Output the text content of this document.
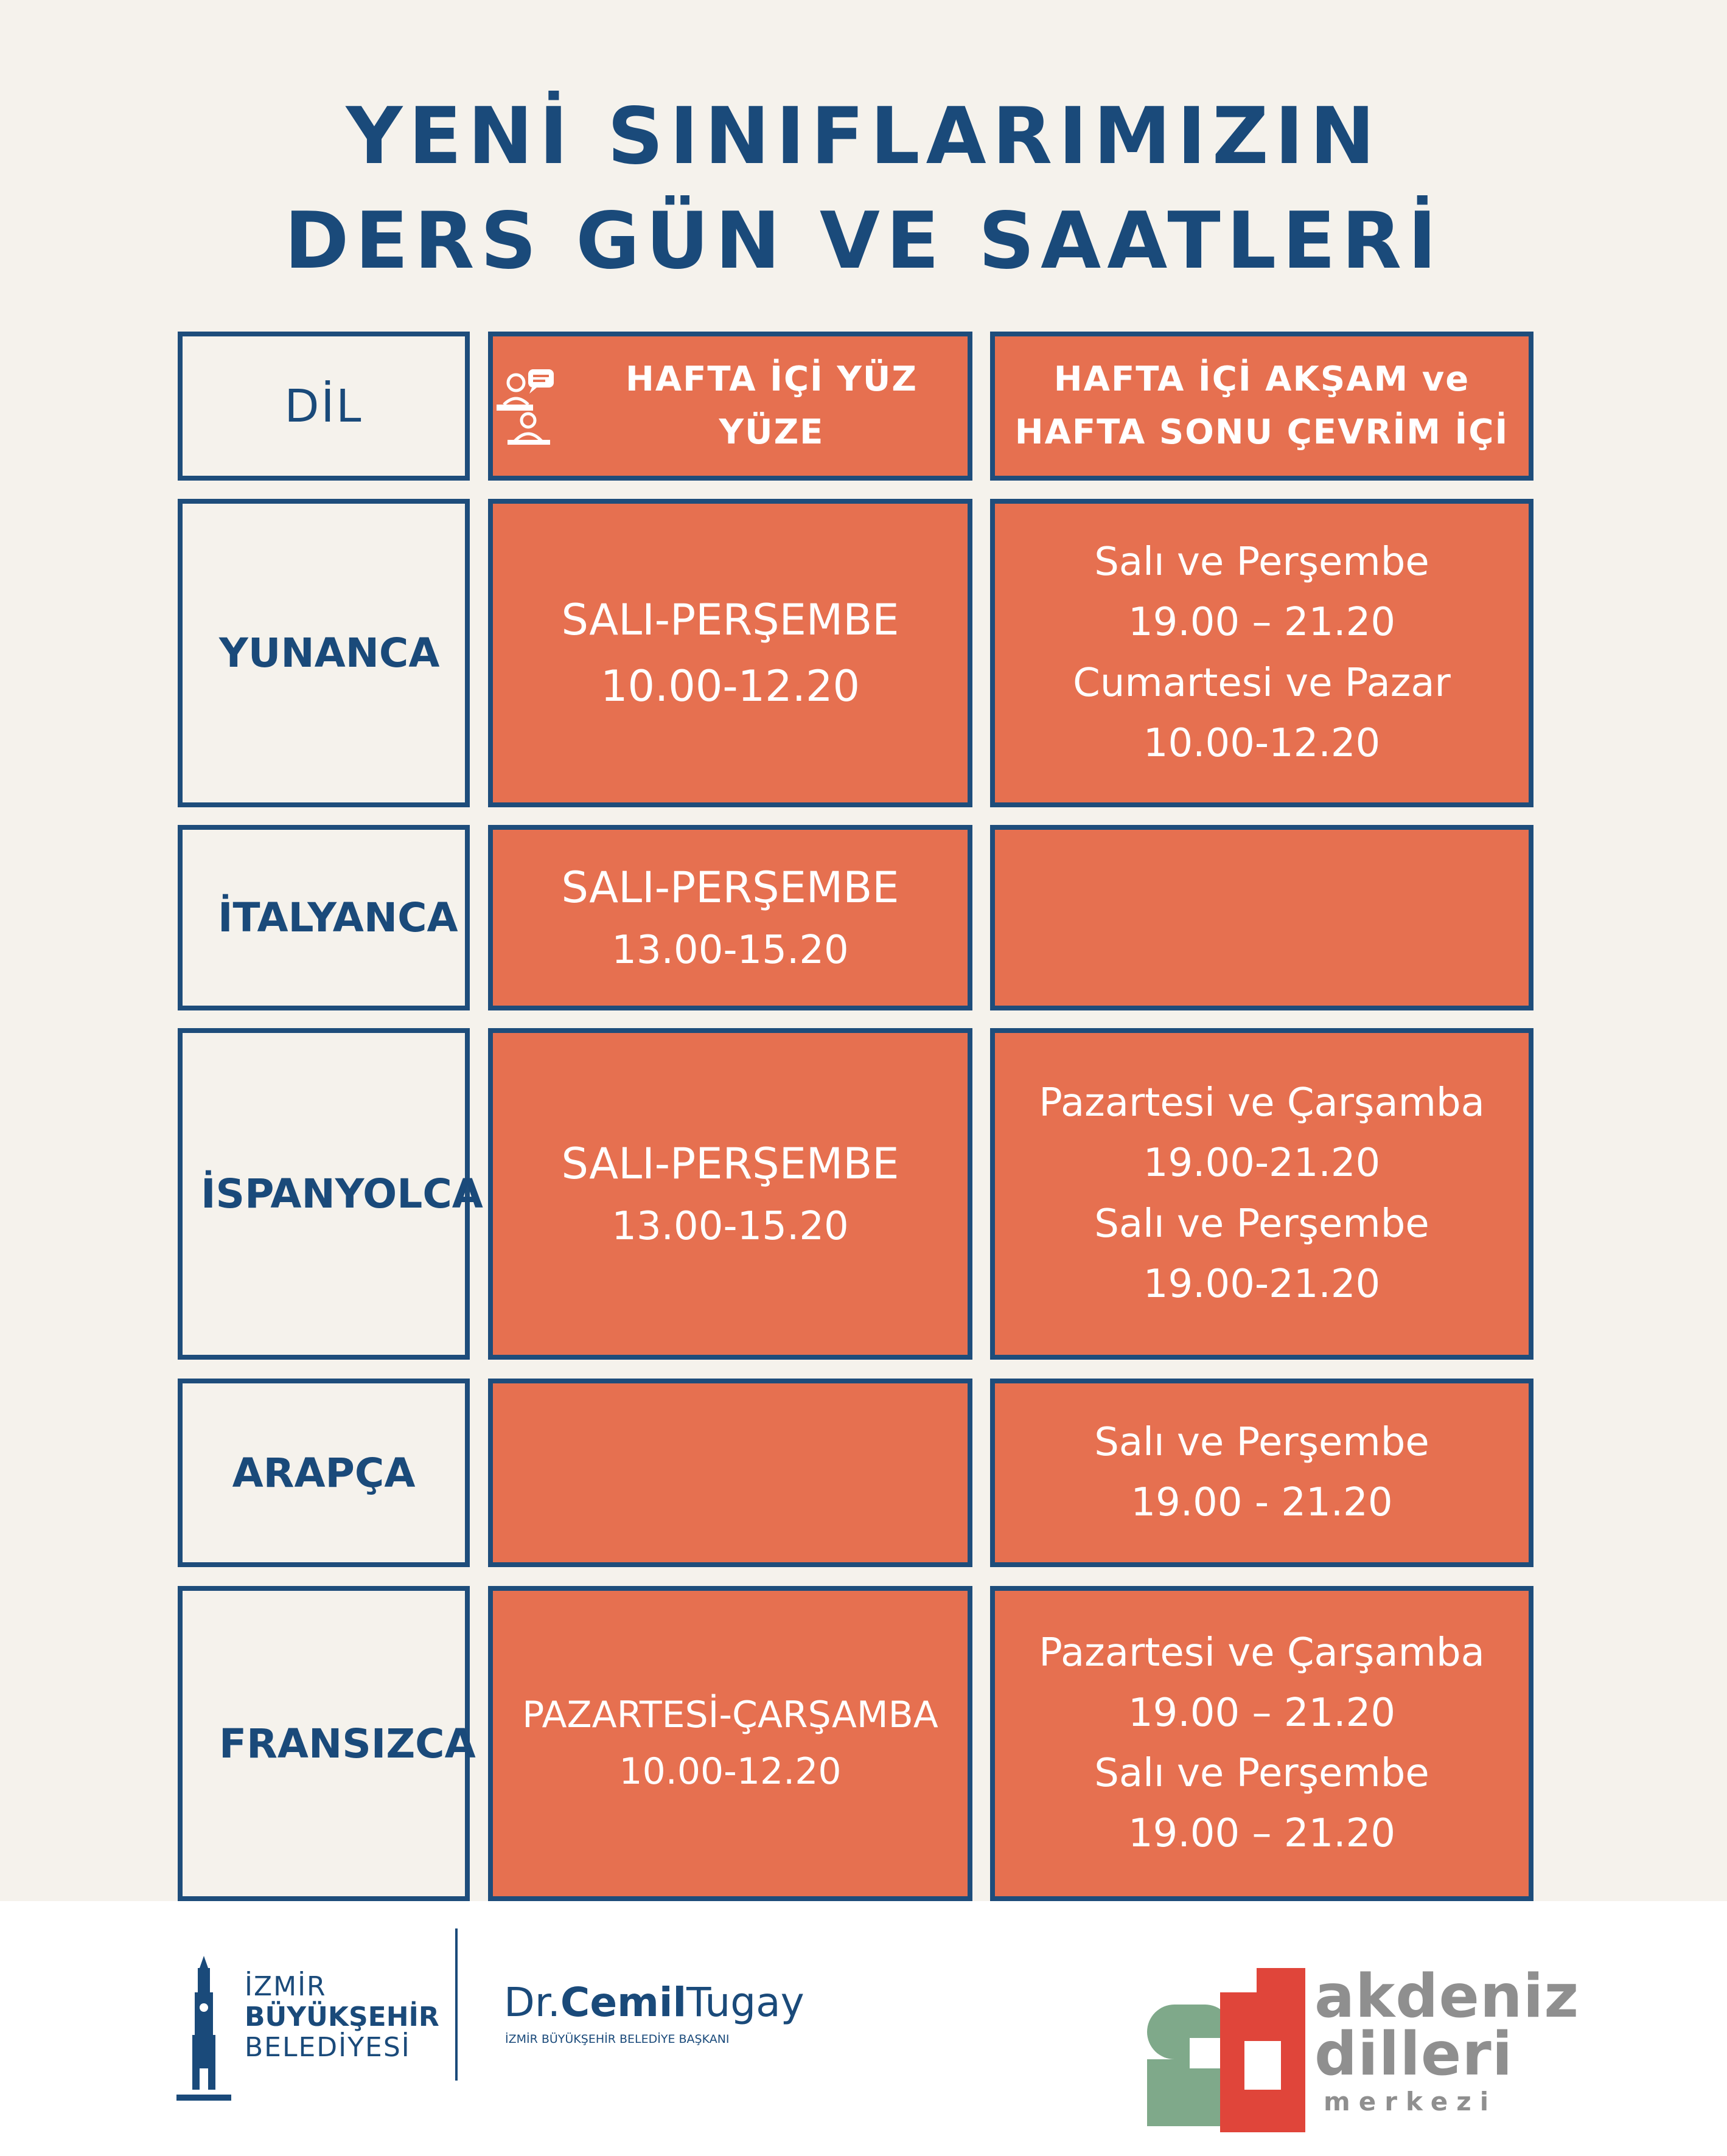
YENİ SINIFLARIMIZIN
DERS GÜN VE SAATLERİ
DİL
HAFTA İÇİ YÜZ YÜZE
HAFTA İÇİ AKŞAM ve
HAFTA SONU ÇEVRİM İÇİ
YUNANCA
SALI-PERŞEMBE
10.00-12.20
Salı ve Perşembe
19.00 – 21.20
Cumartesi ve Pazar
10.00-12.20
İTALYANCA
SALI-PERŞEMBE
13.00-15.20
İSPANYOLCA
SALI-PERŞEMBE
13.00-15.20
Pazartesi ve Çarşamba
19.00-21.20
Salı ve Perşembe
19.00-21.20
ARAPÇA
Salı ve Perşembe
19.00 - 21.20
FRANSIZCA
PAZARTESİ-ÇARŞAMBA
10.00-12.20
Pazartesi ve Çarşamba
19.00 – 21.20
Salı ve Perşembe
19.00 – 21.20
İZMİR
BÜYÜKŞEHİR
BELEDİYESİ
Dr.CemilTugay
İZMİR BÜYÜKŞEHİR BELEDİYE BAŞKANI
akdeniz
dilleri
merkezi
